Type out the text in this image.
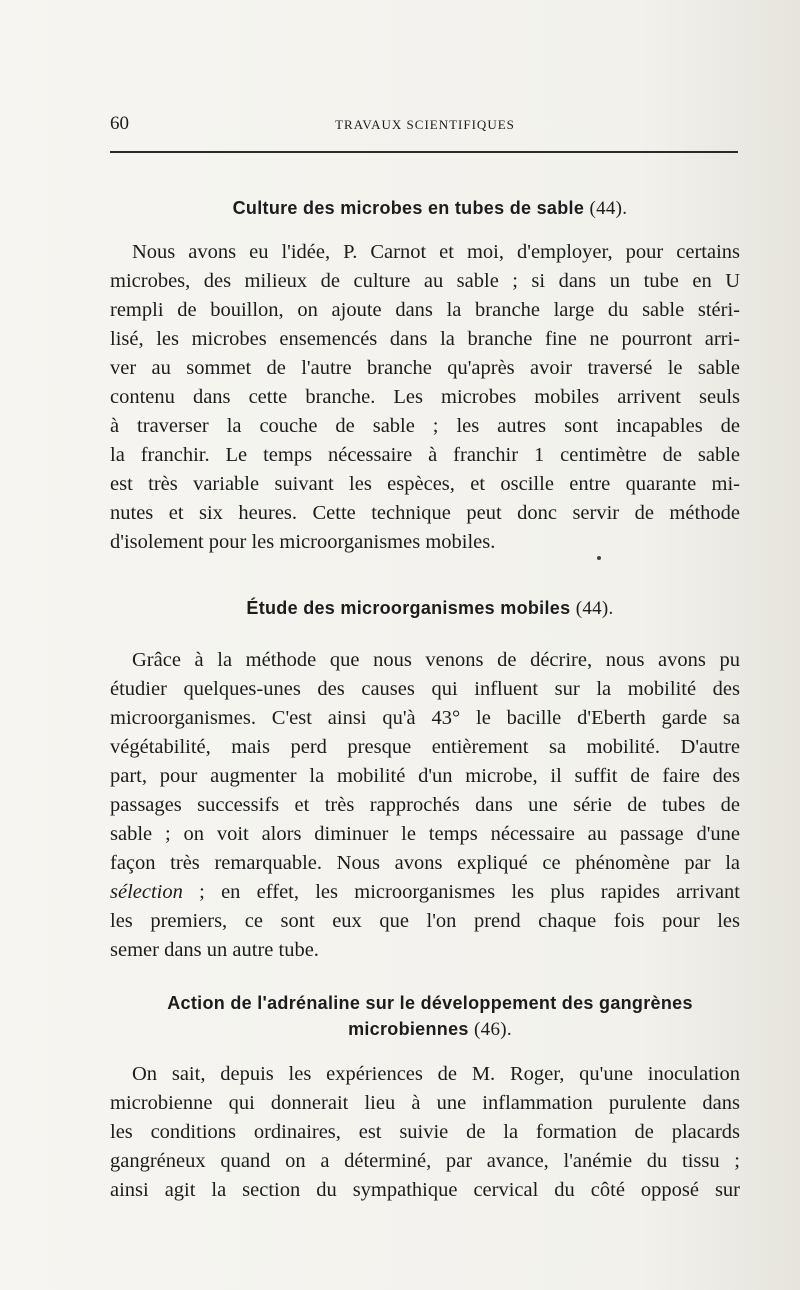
60	TRAVAUX SCIENTIFIQUES
Culture des microbes en tubes de sable (44).
Nous avons eu l'idée, P. Carnot et moi, d'employer, pour certains
microbes, des milieux de culture au sable ; si dans un tube en U
rempli de bouillon, on ajoute dans la branche large du sable stéri-
lisé, les microbes ensemencés dans la branche fine ne pourront arri-
ver au sommet de l'autre branche qu'après avoir traversé le sable
contenu dans cette branche. Les microbes mobiles arrivent seuls
à traverser la couche de sable ; les autres sont incapables de
la franchir. Le temps nécessaire à franchir 1 centimètre de sable
est très variable suivant les espèces, et oscille entre quarante mi-
nutes et six heures. Cette technique peut donc servir de méthode
d'isolement pour les microorganismes mobiles.
Étude des microorganismes mobiles (44).
Grâce à la méthode que nous venons de décrire, nous avons pu
étudier quelques-unes des causes qui influent sur la mobilité des
microorganismes. C'est ainsi qu'à 43° le bacille d'Eberth garde sa
végétabilité, mais perd presque entièrement sa mobilité. D'autre
part, pour augmenter la mobilité d'un microbe, il suffit de faire des
passages successifs et très rapprochés dans une série de tubes de
sable ; on voit alors diminuer le temps nécessaire au passage d'une
façon très remarquable. Nous avons expliqué ce phénomène par la
sélection ; en effet, les microorganismes les plus rapides arrivant
les premiers, ce sont eux que l'on prend chaque fois pour les
semer dans un autre tube.
Action de l'adrénaline sur le développement des gangrènes
microbiennes (46).
On sait, depuis les expériences de M. Roger, qu'une inoculation
microbienne qui donnerait lieu à une inflammation purulente dans
les conditions ordinaires, est suivie de la formation de placards
gangréneux quand on a déterminé, par avance, l'anémie du tissu ;
ainsi agit la section du sympathique cervical du côté opposé sur
